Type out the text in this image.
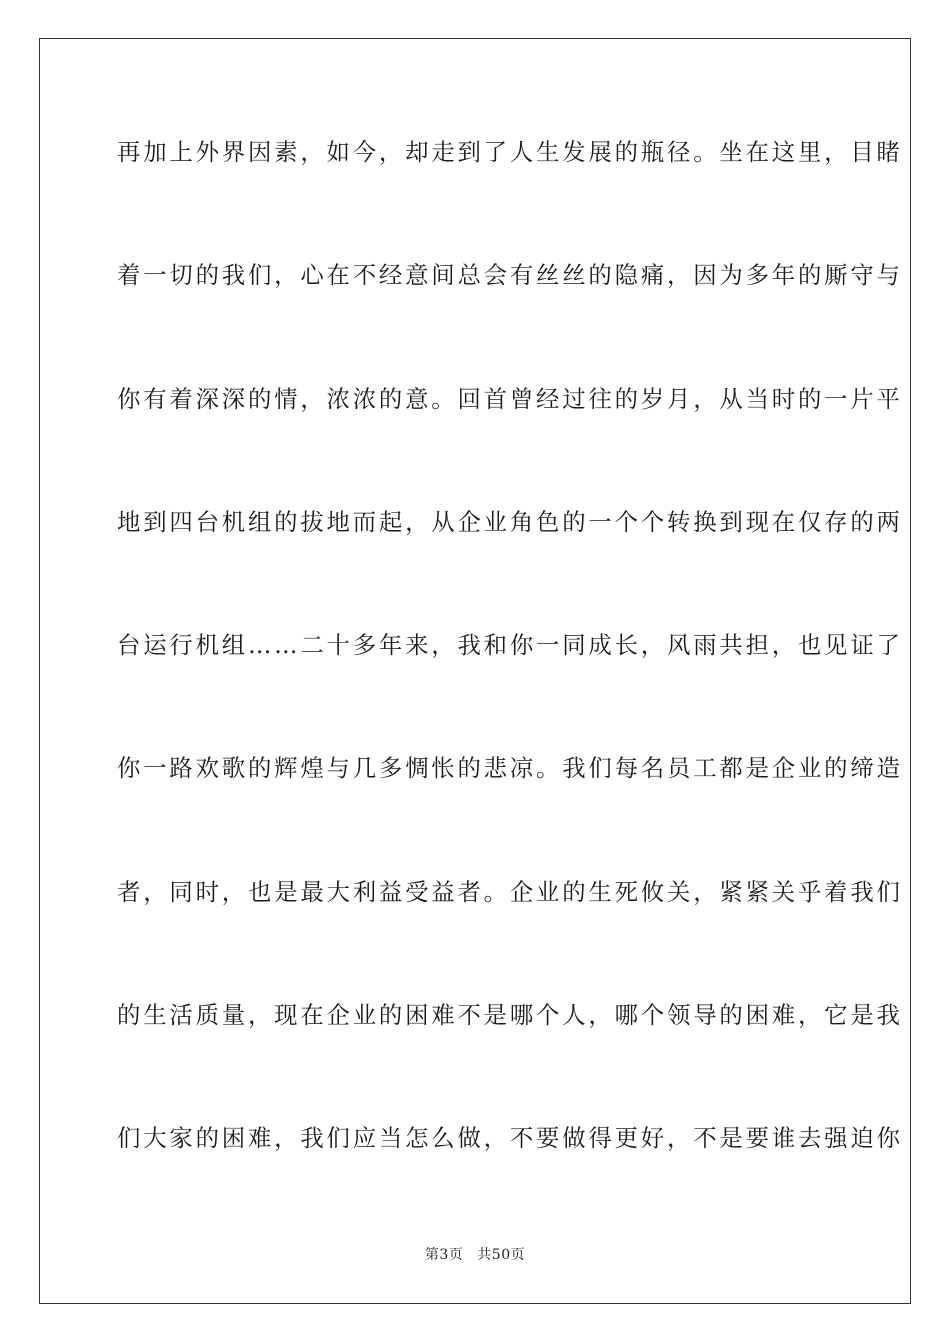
再加上外界因素，如今，却走到了人生发展的瓶径。坐在这里，目睹
着一切的我们，心在不经意间总会有丝丝的隐痛，因为多年的厮守与
你有着深深的情，浓浓的意。回首曾经过往的岁月，从当时的一片平
地到四台机组的拔地而起，从企业角色的一个个转换到现在仅存的两
台运行机组……二十多年来，我和你一同成长，风雨共担，也见证了
你一路欢歌的辉煌与几多惆怅的悲凉。我们每名员工都是企业的缔造
者，同时，也是最大利益受益者。企业的生死攸关，紧紧关乎着我们
的生活质量，现在企业的困难不是哪个人，哪个领导的困难，它是我
们大家的困难，我们应当怎么做，不要做得更好，不是要谁去强迫你
第3页 共50页
